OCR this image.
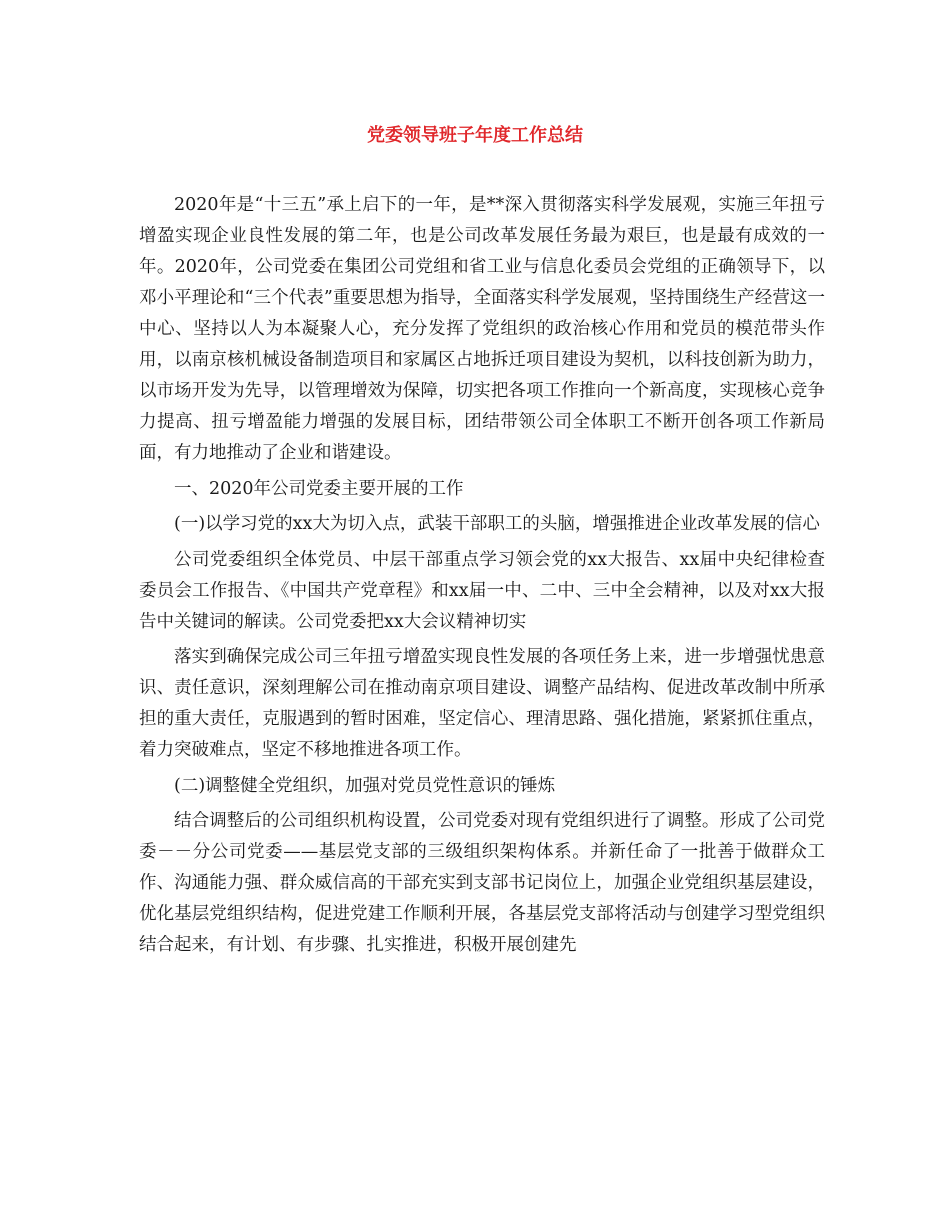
党委领导班子年度工作总结

2020年是“十三五”承上启下的一年，是**深入贯彻落实科学发展观，实施三年扭亏增盈实现企业良性发展的第二年，也是公司改革发展任务最为艰巨，也是最有成效的一年。2020年，公司党委在集团公司党组和省工业与信息化委员会党组的正确领导下，以邓小平理论和“三个代表”重要思想为指导，全面落实科学发展观，坚持围绕生产经营这一中心、坚持以人为本凝聚人心，充分发挥了党组织的政治核心作用和党员的模范带头作用，以南京核机械设备制造项目和家属区占地拆迁项目建设为契机，以科技创新为助力，以市场开发为先导，以管理增效为保障，切实把各项工作推向一个新高度，实现核心竞争力提高、扭亏增盈能力增强的发展目标，团结带领公司全体职工不断开创各项工作新局面，有力地推动了企业和谐建设。

一、2020年公司党委主要开展的工作

(一)以学习党的xx大为切入点，武装干部职工的头脑，增强推进企业改革发展的信心

公司党委组织全体党员、中层干部重点学习领会党的xx大报告、xx届中央纪律检查委员会工作报告、《中国共产党章程》和xx届一中、二中、三中全会精神，以及对xx大报告中关键词的解读。公司党委把xx大会议精神切实

落实到确保完成公司三年扭亏增盈实现良性发展的各项任务上来，进一步增强忧患意识、责任意识，深刻理解公司在推动南京项目建设、调整产品结构、促进改革改制中所承担的重大责任，克服遇到的暂时困难，坚定信心、理清思路、强化措施，紧紧抓住重点，着力突破难点，坚定不移地推进各项工作。

(二)调整健全党组织，加强对党员党性意识的锤炼

结合调整后的公司组织机构设置，公司党委对现有党组织进行了调整。形成了公司党委－－分公司党委——基层党支部的三级组织架构体系。并新任命了一批善于做群众工作、沟通能力强、群众威信高的干部充实到支部书记岗位上，加强企业党组织基层建设，优化基层党组织结构，促进党建工作顺利开展，各基层党支部将活动与创建学习型党组织结合起来，有计划、有步骤、扎实推进，积极开展创建先
